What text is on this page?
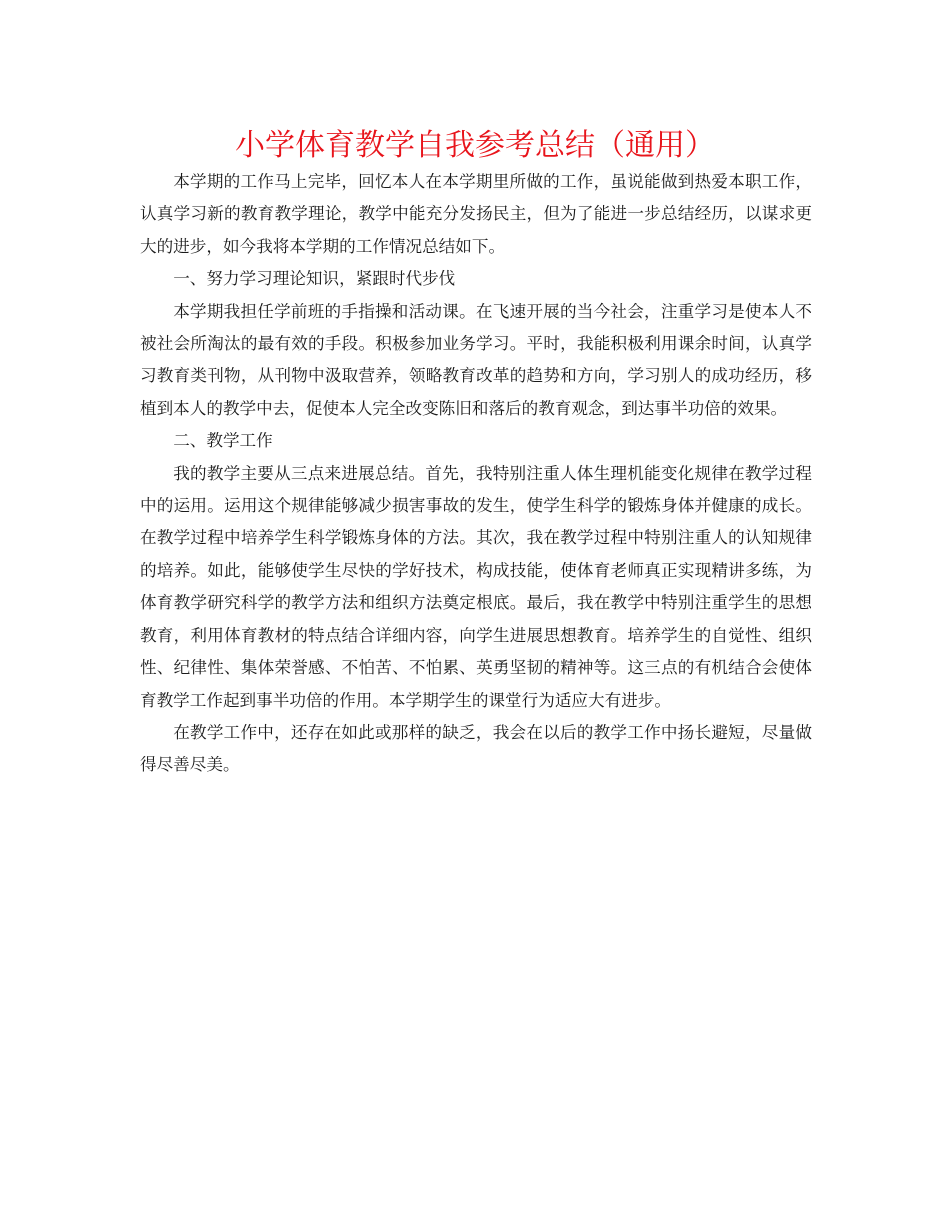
小学体育教学自我参考总结（通用）

本学期的工作马上完毕，回忆本人在本学期里所做的工作，虽说能做到热爱本职工作，认真学习新的教育教学理论，教学中能充分发扬民主，但为了能进一步总结经历，以谋求更大的进步，如今我将本学期的工作情况总结如下。

一、努力学习理论知识，紧跟时代步伐

本学期我担任学前班的手指操和活动课。在飞速开展的当今社会，注重学习是使本人不被社会所淘汰的最有效的手段。积极参加业务学习。平时，我能积极利用课余时间，认真学习教育类刊物，从刊物中汲取营养，领略教育改革的趋势和方向，学习别人的成功经历，移植到本人的教学中去，促使本人完全改变陈旧和落后的教育观念，到达事半功倍的效果。

二、教学工作

我的教学主要从三点来进展总结。首先，我特别注重人体生理机能变化规律在教学过程中的运用。运用这个规律能够减少损害事故的发生，使学生科学的锻炼身体并健康的成长。在教学过程中培养学生科学锻炼身体的方法。其次，我在教学过程中特别注重人的认知规律的培养。如此，能够使学生尽快的学好技术，构成技能，使体育老师真正实现精讲多练，为体育教学研究科学的教学方法和组织方法奠定根底。最后，我在教学中特别注重学生的思想教育，利用体育教材的特点结合详细内容，向学生进展思想教育。培养学生的自觉性、组织性、纪律性、集体荣誉感、不怕苦、不怕累、英勇坚韧的精神等。这三点的有机结合会使体育教学工作起到事半功倍的作用。本学期学生的课堂行为适应大有进步。

在教学工作中，还存在如此或那样的缺乏，我会在以后的教学工作中扬长避短，尽量做得尽善尽美。
